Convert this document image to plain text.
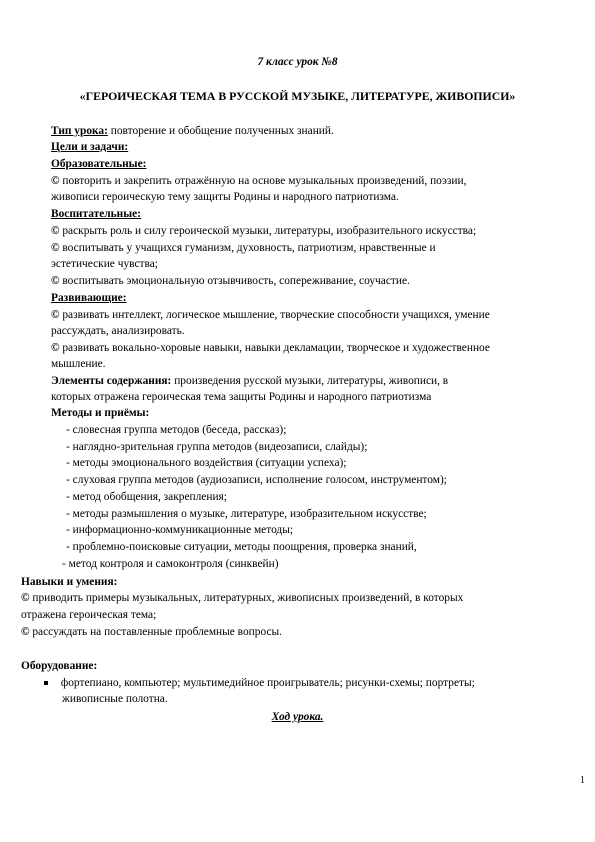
7 класс урок №8
«ГЕРОИЧЕСКАЯ ТЕМА В РУССКОЙ МУЗЫКЕ, ЛИТЕРАТУРЕ, ЖИВОПИСИ»
Тип урока: повторение и обобщение полученных знаний.
Цели и задачи:
Образовательные:
© повторить и закрепить отражённую на основе музыкальных произведений, поэзии,
живописи героическую тему защиты Родины и народного патриотизма.
Воспитательные:
© раскрыть роль и силу героической музыки, литературы, изобразительного искусства;
© воспитывать у учащихся гуманизм, духовность, патриотизм, нравственные и
эстетические чувства;
© воспитывать эмоциональную отзывчивость, сопереживание, соучастие.
Развивающие:
© развивать интеллект, логическое мышление, творческие способности учащихся, умение
рассуждать, анализировать.
© развивать вокально-хоровые навыки, навыки декламации, творческое и художественное
мышление.
Элементы содержания: произведения русской музыки, литературы, живописи, в
которых отражена героическая тема защиты Родины и народного патриотизма
Методы и приёмы:
- словесная группа методов (беседа, рассказ);
- наглядно-зрительная группа методов (видеозаписи, слайды);
- методы эмоционального воздействия (ситуации успеха);
- слуховая группа методов (аудиозаписи, исполнение голосом, инструментом);
- метод обобщения, закрепления;
- методы размышления о музыке, литературе, изобразительном искусстве;
- информационно-коммуникационные методы;
- проблемно-поисковые ситуации, методы поощрения, проверка знаний,
- метод контроля и самоконтроля (синквейн)
Навыки и умения:
© приводить примеры музыкальных, литературных, живописных произведений, в которых
отражена героическая тема;
© рассуждать на поставленные проблемные вопросы.
Оборудование:
фортепиано, компьютер; мультимедийное проигрыватель; рисунки-схемы; портреты;
живописные полотна.
Ход урока.
1
